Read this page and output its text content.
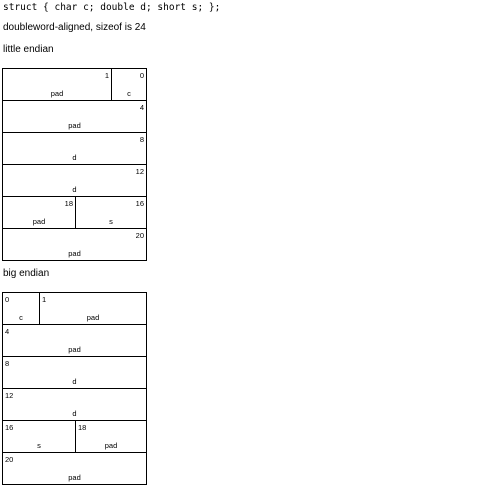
struct { char c; double d; short s; };
doubleword-aligned, sizeof is 24
little endian
1
pad
0
c
4
pad
8
d
12
d
18
pad
16
s
20
pad
big endian
0
c
1
pad
4
pad
8
d
12
d
16
s
18
pad
20
pad
